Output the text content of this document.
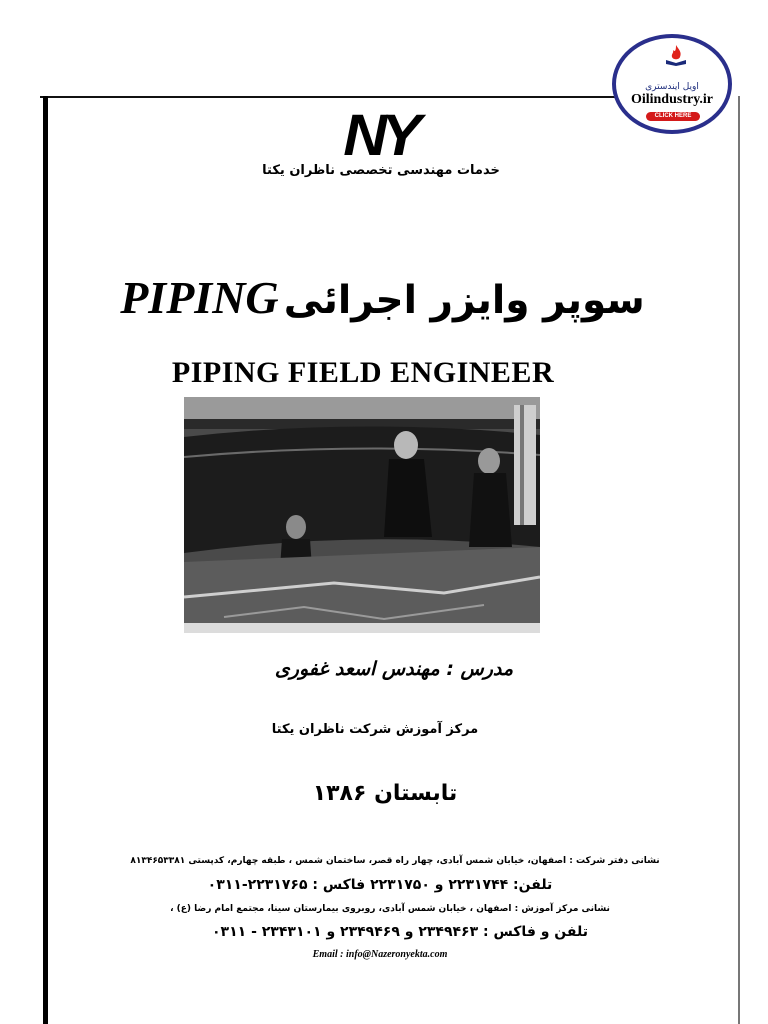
اویل ایندستری
Oilindustry.ir
CLICK HERE
NY
خدمات مهندسی تخصصی ناظران یکتا
سوپر وایزر اجرائی PIPING
PIPING FIELD ENGINEER
مدرس : مهندس اسعد غفوری
مرکز آموزش شرکت ناظران یکتا
تابستان ۱۳۸۶
نشانی دفتر شرکت : اصفهان، خیابان شمس آبادی، چهار راه قصر، ساختمان شمس ، طبقه چهارم، کدپستی ۸۱۳۴۶۵۳۳۸۱
تلفن: ۲۲۳۱۷۴۴ و ۲۲۳۱۷۵۰ فاکس : ۲۲۳۱۷۶۵-۰۳۱۱
نشانی مرکز آموزش : اصفهان ، خیابان شمس آبادی، روبروی بیمارستان سینا، مجتمع امام رضا (ع) ،
تلفن و فاکس : ۲۳۴۹۴۶۳ و ۲۳۴۹۴۶۹ و ۲۳۴۳۱۰۱ - ۰۳۱۱
Email : info@Nazeronyekta.com
